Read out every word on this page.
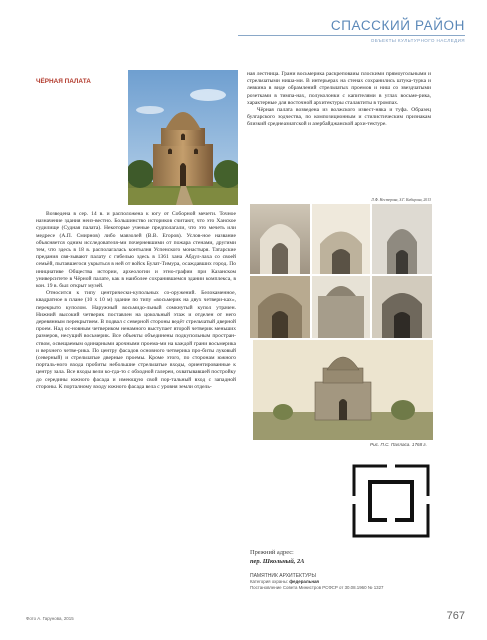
СПАССКИЙ РАЙОН
ОБЪЕКТЫ КУЛЬТУРНОГО НАСЛЕДИЯ
ЧЁРНАЯ ПАЛАТА

Возведена в сер. 14 в. и расположена к югу от Соборной мечети. Точное назначение здания неиз-вестно. Большинство историков считают, что это Ханское судилище (Судная палата). Некоторые ученые предполагали, что это мечеть или медресе (А.П. Смирнов) либо мавзолей (В.В. Егоров). Услов-ное название объясняется одним исследователя-ми почерневшими от пожара стенами, другими тем, что здесь в 18 в. располагалась контылня Успенского монастыря. Татарские предания свя-зывают палату с гибелью здесь в 1361 хана Абдул-лаха со своей семьёй, пытавшегося укрыться в ней от войск Булат-Тимура, осаждавших город. По инициативе Общества истории, археологии и этно-графии при Казанском университете в Чёрной палате, как в наиболее сохранившемся здании комплекса, в кон. 19 в. был открыт музей.

Относится к типу центрически-купольных со-оружений. Белокаменное, квадратное в плане (10 х 10 м) здание по типу «восьмерик на двух четвери-ках», перекрыто куполом. Наружный восьмидо-льный сомкнутый купол утрачен. Нижний высокий четверик поставлен на цокольный этаж и отделен от него деревянным перекрытием. В подвал с северной стороны ведёт стрельчатый дверной проем. Над ос-новным четвериком ненамного выступает второй четверик меньших размеров, несущий восьмерик. Все объекты объединены подкупольным простран-ством, освещаемым одинарными арочными проема-ми на каждой грани восьмерика и верхнего четве-рика. По центру фасадов основного четверика про-биты луковый (северный) и стрельчатые дверные проемы. Кроме этого, по сторонам южного порталь-ного входа пробиты небольшие стрельчатые входы, ориентированные к центру зала. Все входы вели ко-гда-то с обходной галереи, охватывавшей постройку до середины южного фасада и имеющую свой пор-тальный вход с западной стороны. К порталному входу южного фасада вела с уровня земли отдель-

ная лестница. Грани восьмерика раскреповаиы плоскими прямоугольными и стрельчатыми ниша-ми. В интерьерах на стенах сохранились штука-турка и левкина в виде обрамлений стрельчатых проемов и ниш со звездчатыми розетками в тимпа-нах, полуколонки с капителями в углах восьме-рика, характерные для восточной архитектуры сталактиты в тромпах.

Чёрная палата возведена из волжского извест-няка и туфа. Образец булгарского зодчества, по композиционным и стилистическим признакам близкий среднеазиатской и азербайджанской архи-тектуре.

Л.Ф. Нестерова, З.Г. Кабирова, 2013
Рис. П.С. Палласа. 1768 г.
Прежний адрес:
пер. Школьный, 2А
ПАМЯТНИК АРХИТЕКТУРЫ
Категория охраны: федеральная
Постановление Совета Министров РСФСР от 30.08.1960 № 1327
Фото А. Гарунова, 2015	767
